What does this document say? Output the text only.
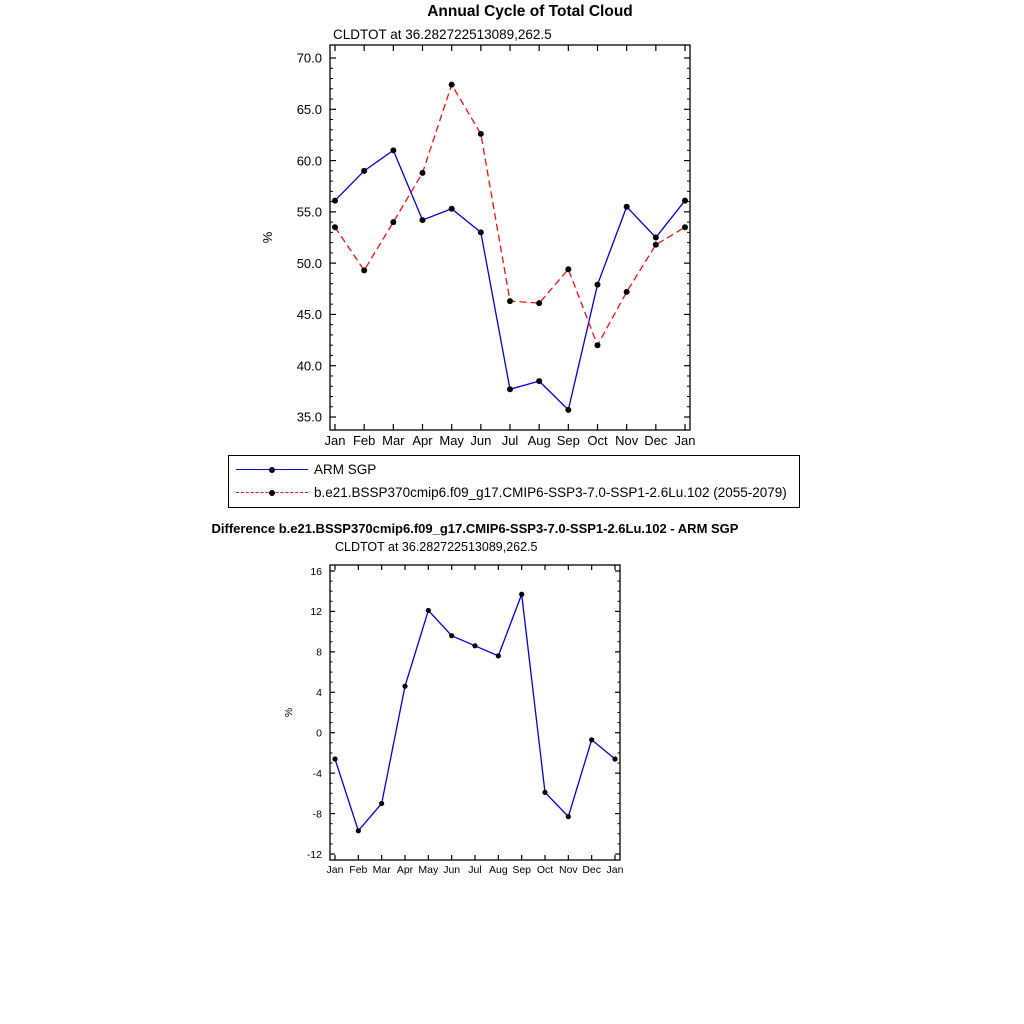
Annual Cycle of Total Cloud
CLDTOT at 36.282722513089,262.5
35.0
40.0
45.0
50.0
55.0
60.0
65.0
70.0
Jan Feb Mar Apr May Jun Jul Aug Sep Oct Nov Dec Jan
%
ARM SGP
b.e21.BSSP370cmip6.f09_g17.CMIP6-SSP3-7.0-SSP1-2.6Lu.102 (2055-2079)
Difference b.e21.BSSP370cmip6.f09_g17.CMIP6-SSP3-7.0-SSP1-2.6Lu.102 - ARM SGP
CLDTOT at 36.282722513089,262.5
-12
-8
-4
0
4
8
12
16
Jan Feb Mar Apr May Jun Jul Aug Sep Oct Nov Dec Jan
%
